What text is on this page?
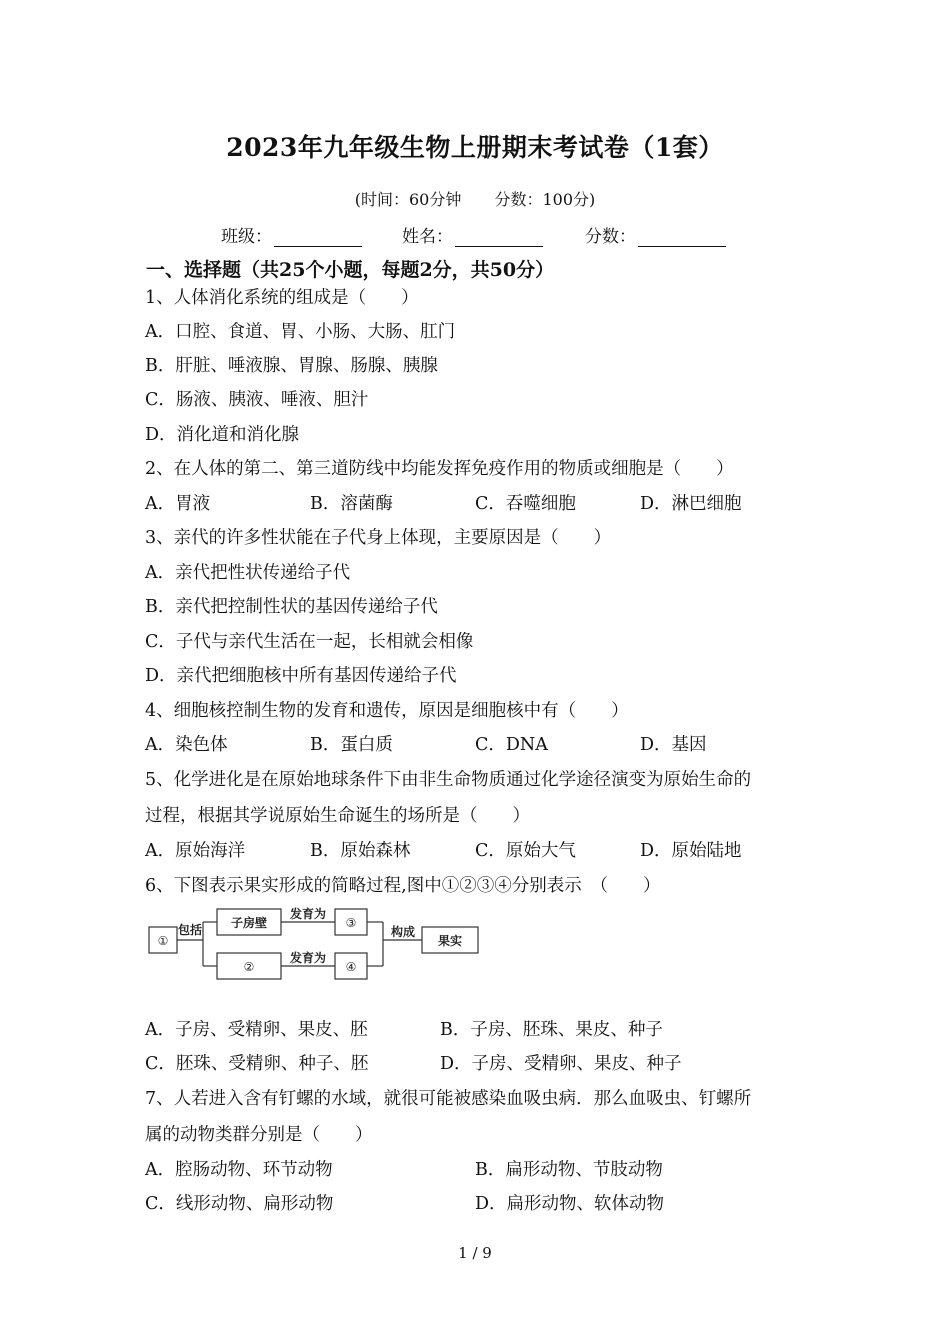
2023年九年级生物上册期末考试卷（1套）
(时间：60分钟 分数：100分)
班级：	姓名：	分数：
一、选择题（共25个小题，每题2分，共50分）
1、人体消化系统的组成是（　　）
A．口腔、食道、胃、小肠、大肠、肛门
B．肝脏、唾液腺、胃腺、肠腺、胰腺
C．肠液、胰液、唾液、胆汁
D．消化道和消化腺
2、在人体的第二、第三道防线中均能发挥免疫作用的物质或细胞是（　　）
A．胃液	B．溶菌酶	C．吞噬细胞	D．淋巴细胞
3、亲代的许多性状能在子代身上体现，主要原因是（　　）
A．亲代把性状传递给子代
B．亲代把控制性状的基因传递给子代
C．子代与亲代生活在一起，长相就会相像
D．亲代把细胞核中所有基因传递给子代
4、细胞核控制生物的发育和遗传，原因是细胞核中有（　　）
A．染色体	B．蛋白质	C．DNA	D．基因
5、化学进化是在原始地球条件下由非生命物质通过化学途径演变为原始生命的
过程，根据其学说原始生命诞生的场所是（　　）
A．原始海洋	B．原始森林	C．原始大气	D．原始陆地
6、下图表示果实形成的简略过程,图中①②③④分别表示　（　　）
①
包括 子房壁
②
发育为
发育为
③
④
构成
果实
A．子房、受精卵、果皮、胚	B．子房、胚珠、果皮、种子
C．胚珠、受精卵、种子、胚	D．子房、受精卵、果皮、种子
7、人若进入含有钉螺的水域，就很可能被感染血吸虫病．那么血吸虫、钉螺所
属的动物类群分别是（　　）
A．腔肠动物、环节动物	B．扁形动物、节肢动物
C．线形动物、扁形动物	D．扁形动物、软体动物
1 / 9
